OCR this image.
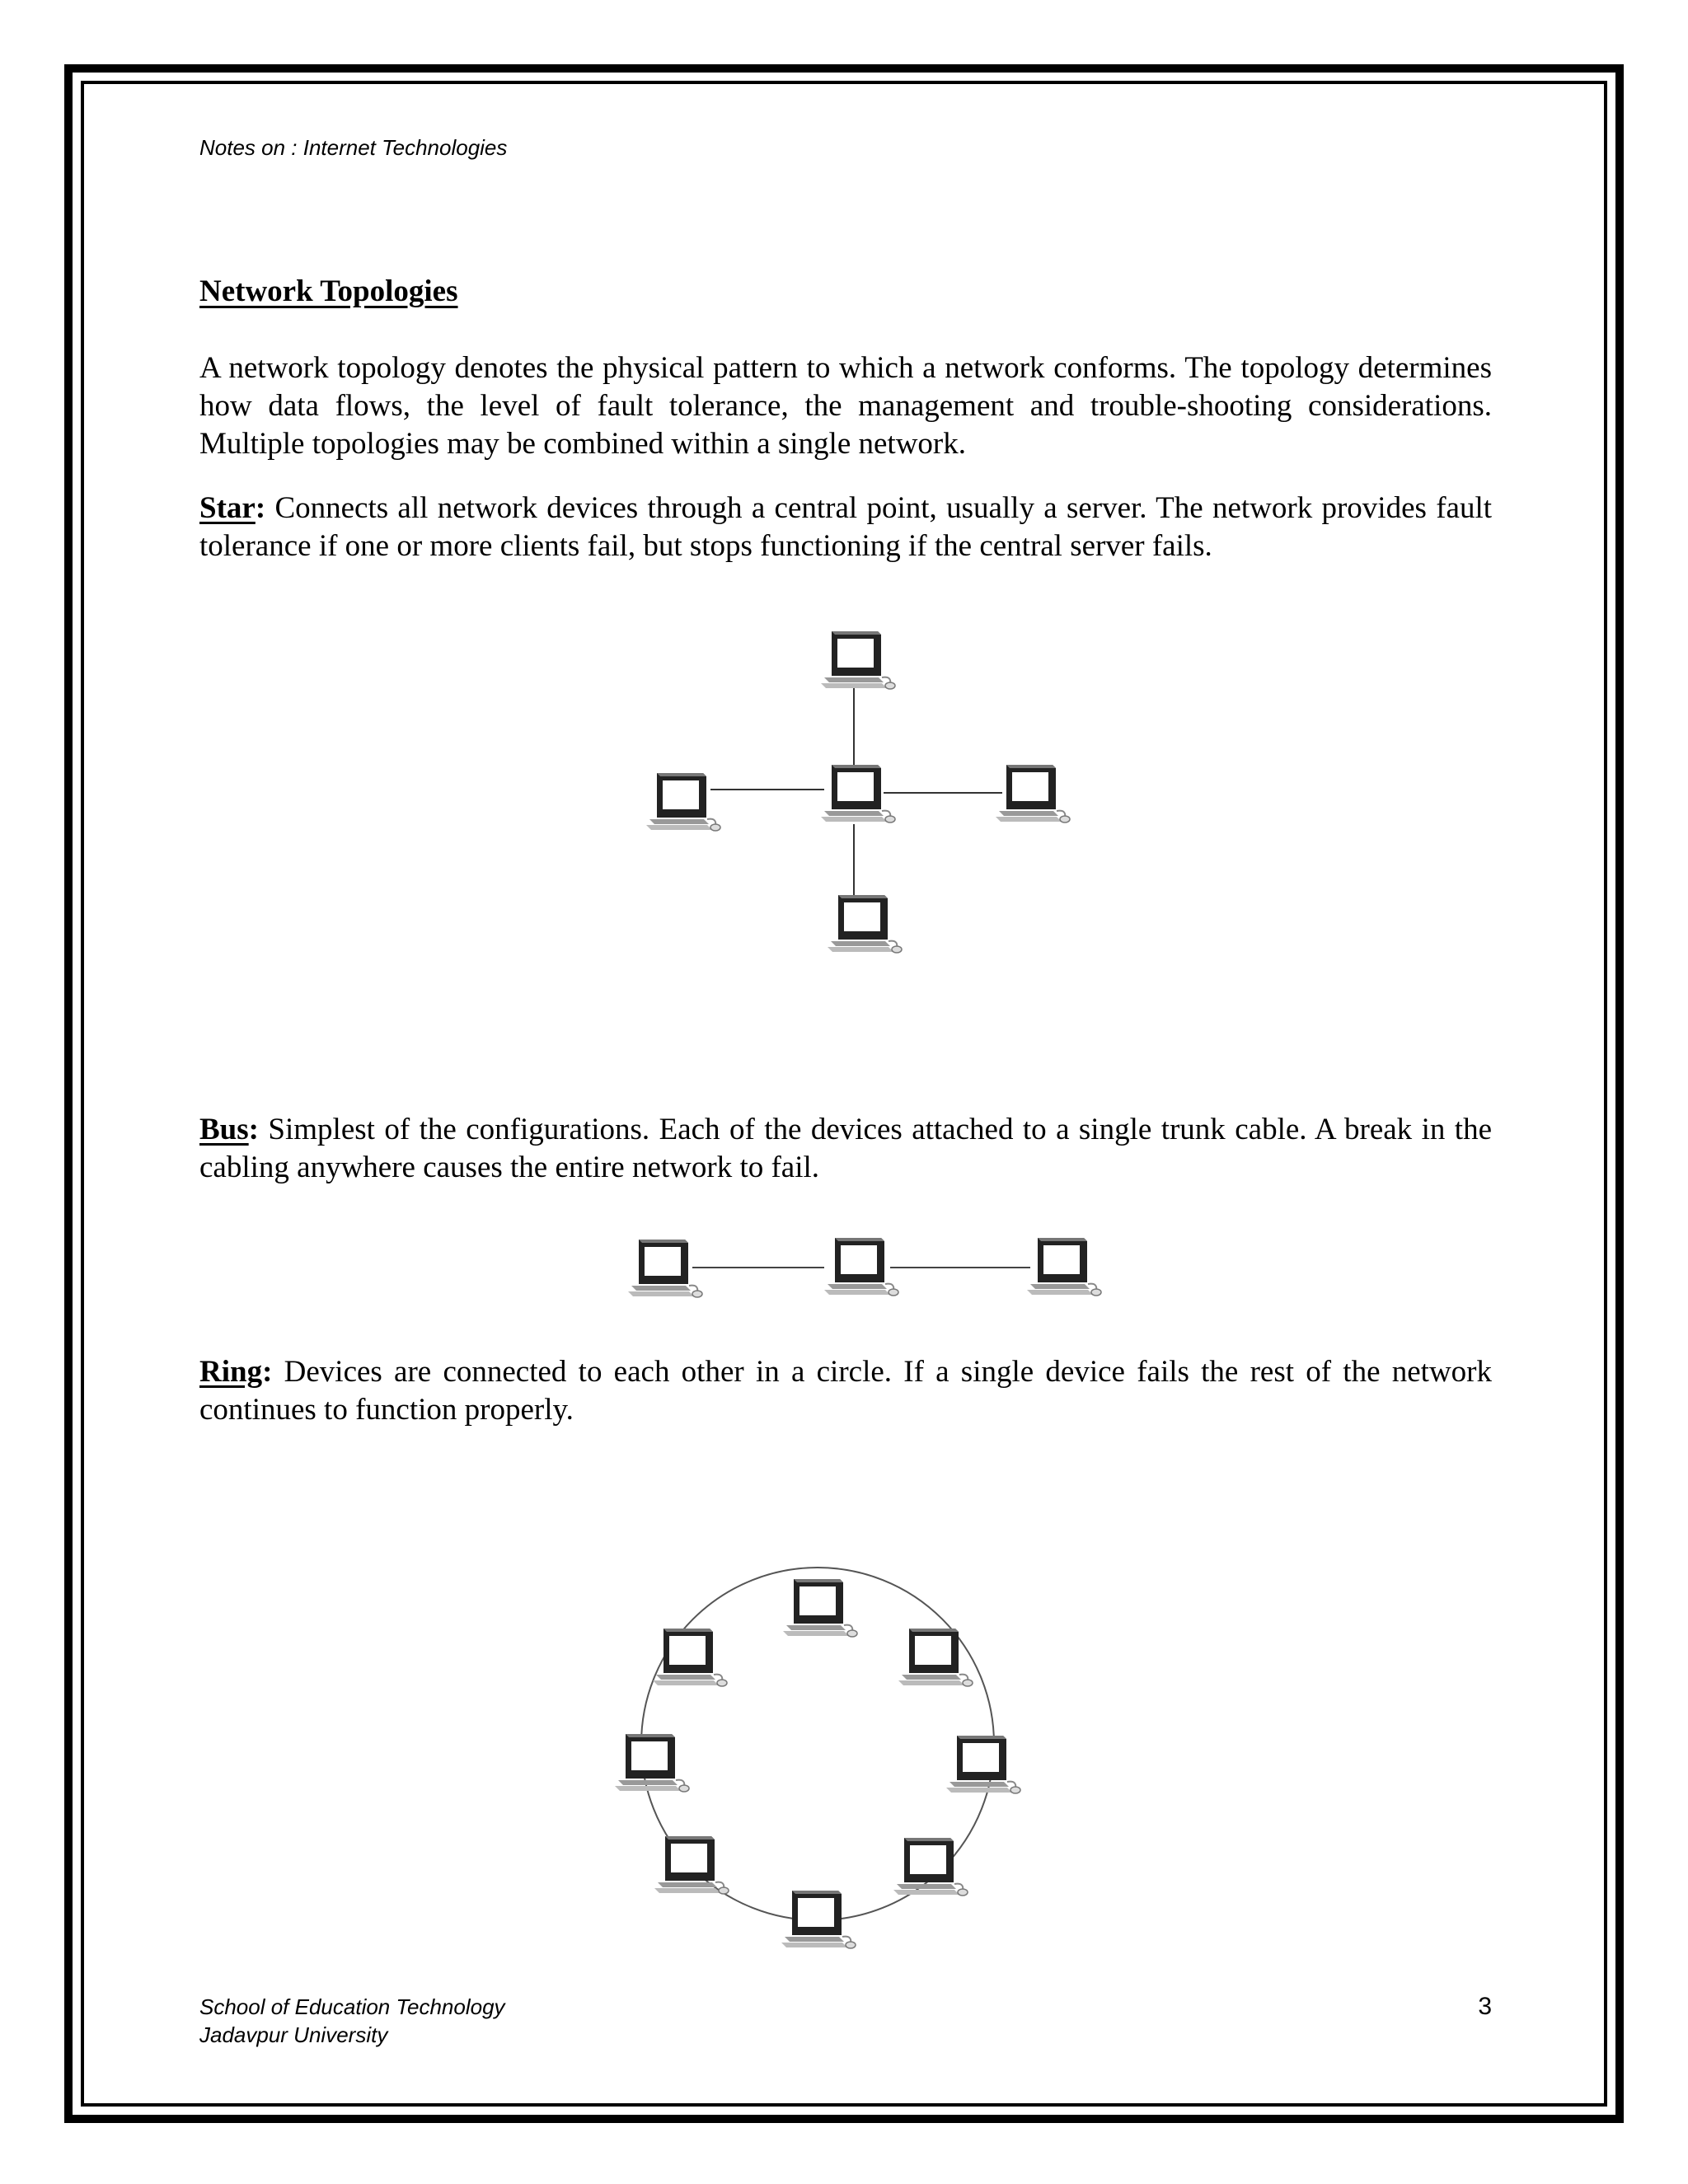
Notes on : Internet Technologies
Network Topologies

A network topology denotes the physical pattern to which a network conforms. The topology determines how data flows, the level of fault tolerance, the management and trouble-shooting considerations. Multiple topologies may be combined within a single network.

Star: Connects all network devices through a central point, usually a server. The network provides fault tolerance if one or more clients fail, but stops functioning if the central server fails.

Bus: Simplest of the configurations. Each of the devices attached to a single trunk cable. A break in the cabling anywhere causes the entire network to fail.

Ring: Devices are connected to each other in a circle. If a single device fails the rest of the network continues to function properly.

School of Education Technology
Jadavpur University
3
